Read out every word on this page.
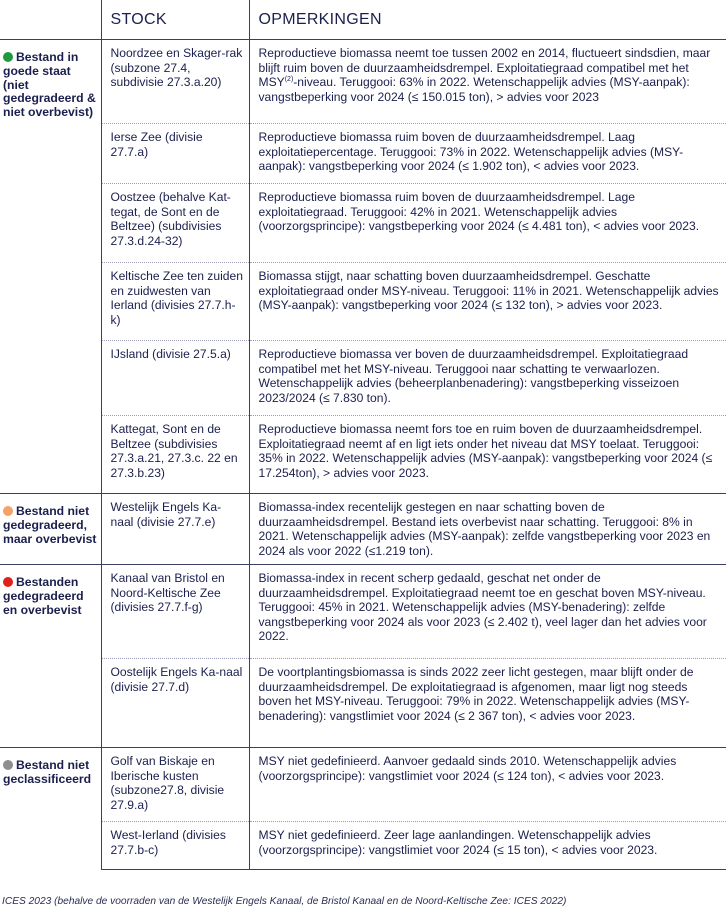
	STOCK	OPMERKINGEN
Bestand in goede staat (niet gedegradeerd & niet overbevist)	Noordzee en Skager-rak (subzone 27.4, subdivisie 27.3.a.20)	Reproductieve biomassa neemt toe tussen 2002 en 2014, fluctueert sindsdien, maar blijft ruim boven de duurzaamheidsdrempel. Exploitatiegraad compatibel met het MSY$^{(2)}$-niveau. Teruggooi: 63% in 2022. Wetenschappelijk advies (MSY-aanpak): vangstbeperking voor 2024 (≤ 150.015 ton), > advies voor 2023
	Ierse Zee (divisie 27.7.a)	Reproductieve biomassa ruim boven de duurzaamheidsdrempel. Laag exploitatiepercentage. Teruggooi: 73% in 2022. Wetenschappelijk advies (MSY-aanpak): vangstbeperking voor 2024 (≤ 1.902 ton), < advies voor 2023.
	Oostzee (behalve Kat-tegat, de Sont en de Beltzee) (subdivisies 27.3.d.24-32)	Reproductieve biomassa ruim boven de duurzaamheidsdrempel. Lage exploitatiegraad. Teruggooi: 42% in 2021. Wetenschappelijk advies (voorzorgsprincipe): vangstbeperking voor 2024 (≤ 4.481 ton), < advies voor 2023.
	Keltische Zee ten zuiden en zuidwesten van Ierland (divisies 27.7.h-k)	Biomassa stijgt, naar schatting boven duurzaamheidsdrempel. Geschatte exploitatiegraad onder MSY-niveau. Teruggooi: 11% in 2021. Wetenschappelijk advies (MSY-aanpak): vangstbeperking voor 2024 (≤ 132 ton), > advies voor 2023.
	IJsland (divisie 27.5.a)	Reproductieve biomassa ver boven de duurzaamheidsdrempel. Exploitatiegraad compatibel met het MSY-niveau. Teruggooi naar schatting te verwaarlozen. Wetenschappelijk advies (beheerplanbenadering): vangstbeperking visseizoen 2023/2024 (≤ 7.830 ton).
	Kattegat, Sont en de Beltzee (subdivisies 27.3.a.21, 27.3.c. 22 en 27.3.b.23)	Reproductieve biomassa neemt fors toe en ruim boven de duurzaamheidsdrempel. Exploitatiegraad neemt af en ligt iets onder het niveau dat MSY toelaat. Teruggooi: 35% in 2022. Wetenschappelijk advies (MSY-aanpak): vangstbeperking voor 2024 (≤ 17.254ton), > advies voor 2023.
Bestand niet gedegradeerd, maar overbevist	Westelijk Engels Ka-naal (divisie 27.7.e)	Biomassa-index recentelijk gestegen en naar schatting boven de duurzaamheidsdrempel. Bestand iets overbevist naar schatting. Teruggooi: 8% in 2021. Wetenschappelijk advies (MSY-aanpak): zelfde vangstbeperking voor 2023 en 2024 als voor 2022 (≤1.219 ton).
Bestanden gedegradeerd en overbevist	Kanaal van Bristol en Noord-Keltische Zee (divisies 27.7.f-g)	Biomassa-index in recent scherp gedaald, geschat net onder de duurzaamheidsdrempel. Exploitatiegraad neemt toe en geschat boven MSY-niveau. Teruggooi: 45% in 2021. Wetenschappelijk advies (MSY-benadering): zelfde vangstbeperking voor 2024 als voor 2023 (≤ 2.402 t), veel lager dan het advies voor 2022.
	Oostelijk Engels Ka-naal (divisie 27.7.d)	De voortplantingsbiomassa is sinds 2022 zeer licht gestegen, maar blijft onder de duurzaamheidsdrempel. De exploitatiegraad is afgenomen, maar ligt nog steeds boven het MSY-niveau. Teruggooi: 79% in 2022. Wetenschappelijk advies (MSY-benadering): vangstlimiet voor 2024 (≤ 2 367 ton), < advies voor 2023.
Bestand niet geclassificeerd	Golf van Biskaje en Iberische kusten (subzone27.8, divisie 27.9.a)	MSY niet gedefinieerd. Aanvoer gedaald sinds 2010. Wetenschappelijk advies (voorzorgsprincipe): vangstlimiet voor 2024 (≤ 124 ton), < advies voor 2023.
	West-Ierland (divisies 27.7.b-c)	MSY niet gedefinieerd. Zeer lage aanlandingen. Wetenschappelijk advies (voorzorgsprincipe): vangstlimiet voor 2024 (≤ 15 ton), < advies voor 2023.
ICES 2023 (behalve de voorraden van de Westelijk Engels Kanaal, de Bristol Kanaal en de Noord-Keltische Zee: ICES 2022)
